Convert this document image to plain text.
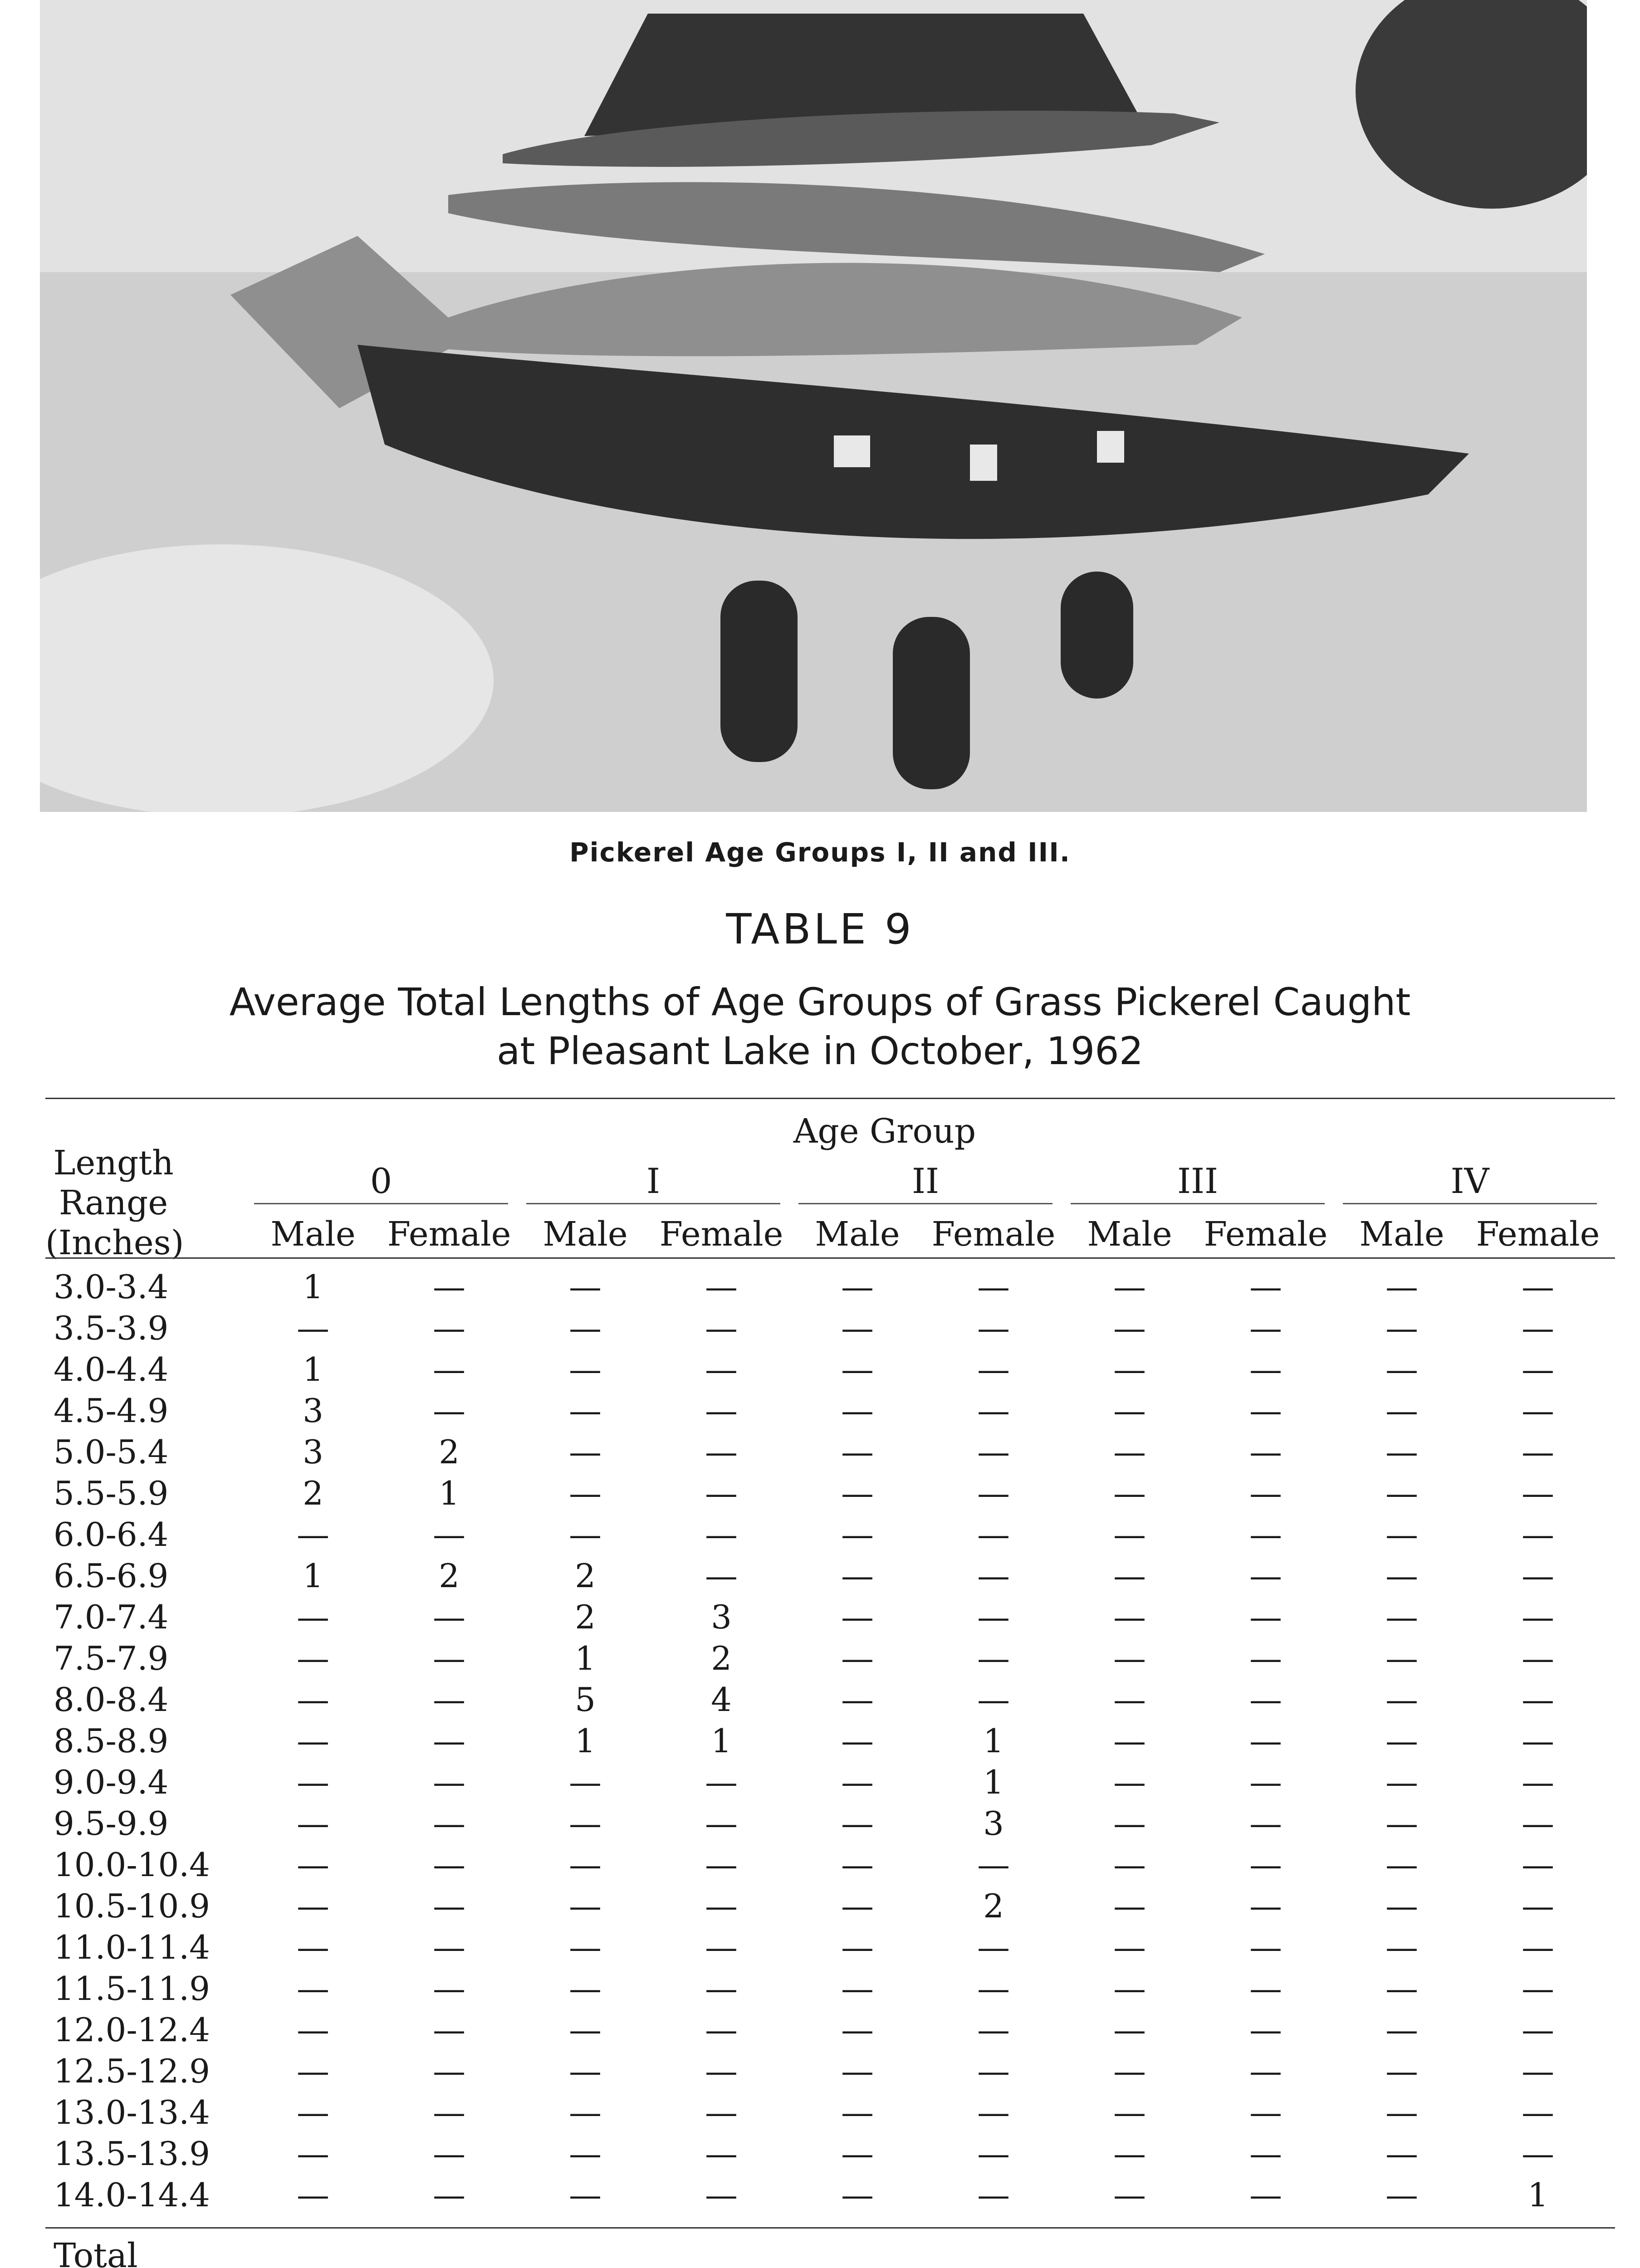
Pickerel Age Groups I, II and III.
TABLE 9
Average Total Lengths of Age Groups of Grass Pickerel Caught
at Pleasant Lake in October, 1962
Length
Range
(Inches)
Age Group
0
Male Female
I
Male Female
II
Male Female
III
Male Female
IV
Male Female
3.0-3.4	1	—	—	—	—	—	—	—	—	—
3.5-3.9	—	—	—	—	—	—	—	—	—	—
4.0-4.4	1	—	—	—	—	—	—	—	—	—
4.5-4.9	3	—	—	—	—	—	—	—	—	—
5.0-5.4	3	2	—	—	—	—	—	—	—	—
5.5-5.9	2	1	—	—	—	—	—	—	—	—
6.0-6.4	—	—	—	—	—	—	—	—	—	—
6.5-6.9	1	2	2	—	—	—	—	—	—	—
7.0-7.4	—	—	2	3	—	—	—	—	—	—
7.5-7.9	—	—	1	2	—	—	—	—	—	—
8.0-8.4	—	—	5	4	—	—	—	—	—	—
8.5-8.9	—	—	1	1	—	1	—	—	—	—
9.0-9.4	—	—	—	—	—	1	—	—	—	—
9.5-9.9	—	—	—	—	—	3	—	—	—	—
10.0-10.4	—	—	—	—	—	—	—	—	—	—
10.5-10.9	—	—	—	—	—	2	—	—	—	—
11.0-11.4	—	—	—	—	—	—	—	—	—	—
11.5-11.9	—	—	—	—	—	—	—	—	—	—
12.0-12.4	—	—	—	—	—	—	—	—	—	—
12.5-12.9	—	—	—	—	—	—	—	—	—	—
13.0-13.4	—	—	—	—	—	—	—	—	—	—
13.5-13.9	—	—	—	—	—	—	—	—	—	—
14.0-14.4	—	—	—	—	—	—	—	—	—	1
Total
